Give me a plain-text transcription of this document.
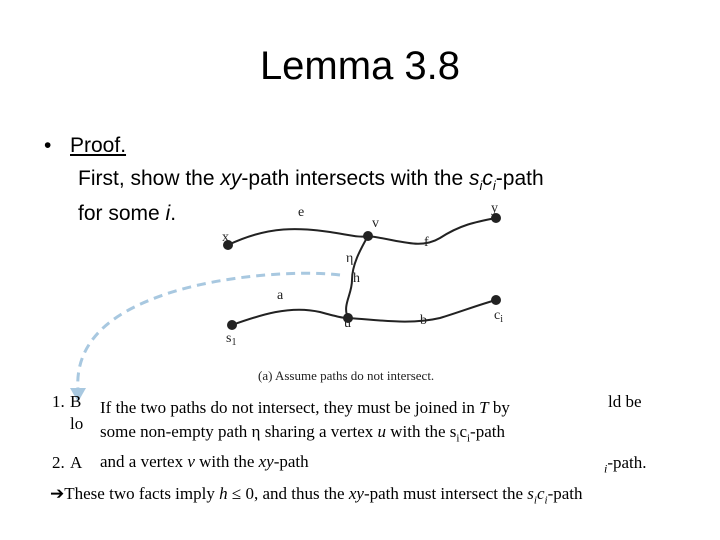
Lemma 3.8
• Proof.
First, show the xy-path intersects with the $s_ic_i$-path
for some i.
x
e
v
y
f
η
h
a
u	b	$c_i$
$s_1$
(a) Assume paths do not intersect.
1. B	ld be
lo
2. A	$_i$-path.
If the two paths do not intersect, they must be joined in T by
some non-empty path η sharing a vertex u with the $s_ic_i$-path
and a vertex v with the xy-path
➔These two facts imply h ≤ 0, and thus the xy-path must intersect the $s_ic_i$-path
